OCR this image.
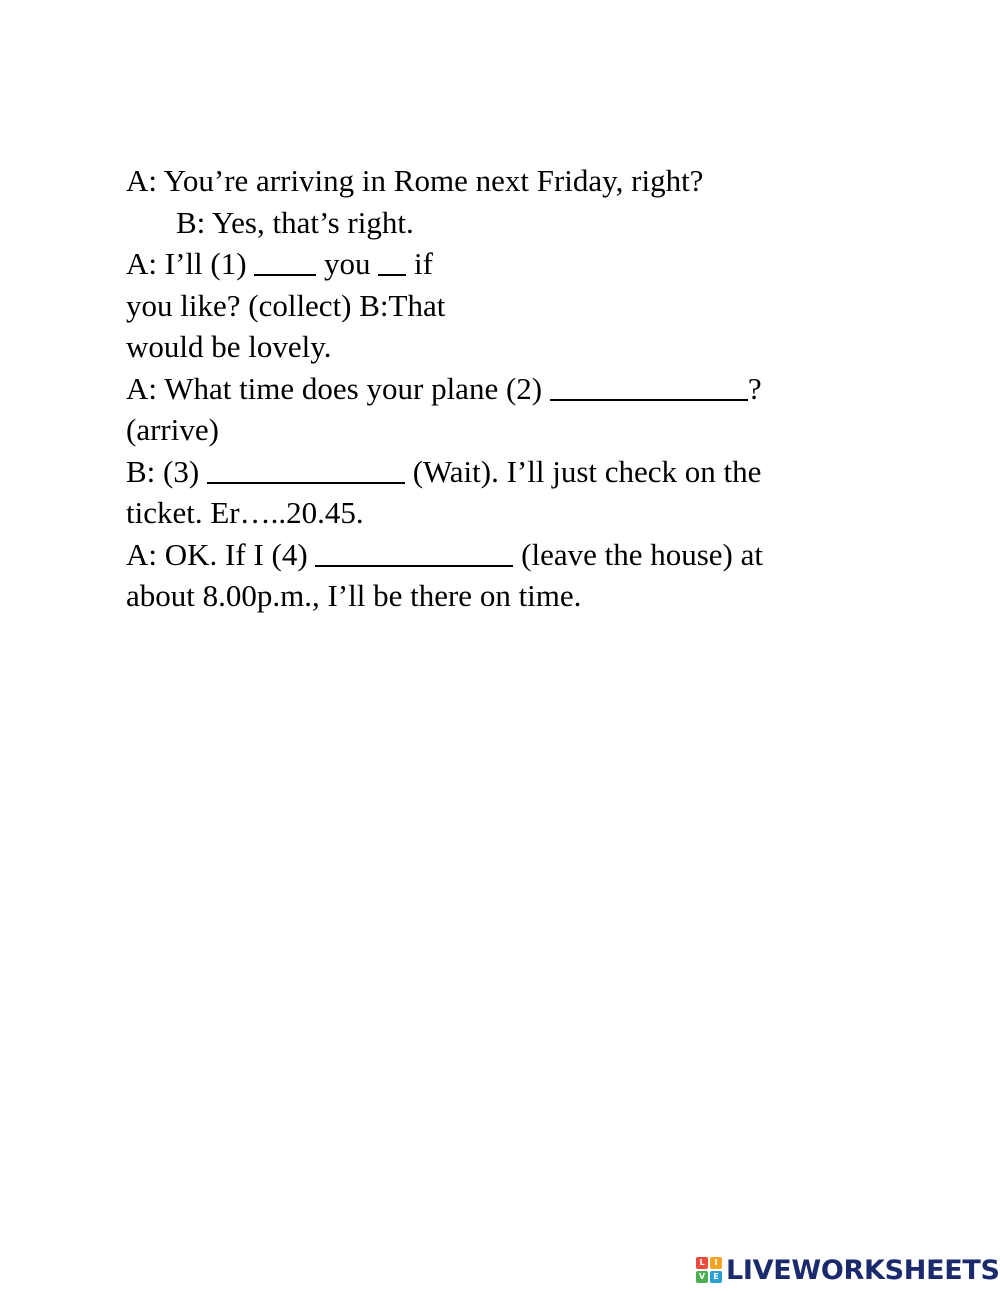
A: You’re arriving in Rome next Friday, right?
B: Yes, that’s right.
A: I’ll (1)  you  if
you like? (collect) B:That
would be lovely.
A: What time does your plane (2)	?
(arrive)
B: (3)	(Wait). I’ll just check on the
ticket. Er…..20.45.
A: OK. If I (4)	(leave the house) at
about 8.00p.m., I’ll be there on time.
L	I
V	E LIVEWORKSHEETS
